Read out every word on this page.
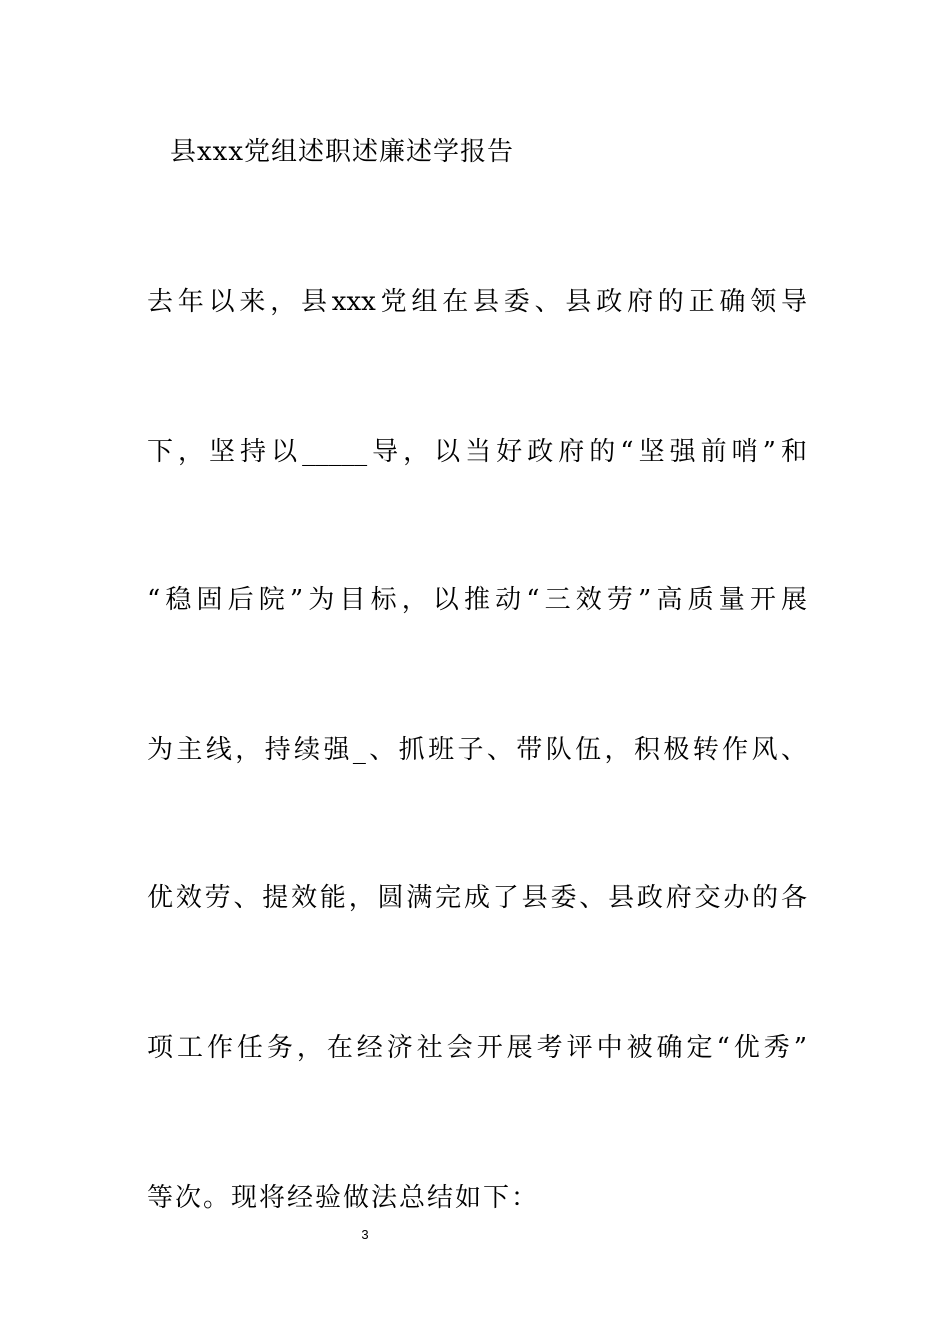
县xxx党组述职述廉述学报告
去年以来，县xxx党组在县委、县政府的正确领导
下，坚持以_____导，以当好政府的“坚强前哨”和
“稳固后院”为目标，以推动“三效劳”高质量开展
为主线，持续强_、抓班子、带队伍，积极转作风、
优效劳、提效能，圆满完成了县委、县政府交办的各
项工作任务，在经济社会开展考评中被确定“优秀”
等次。现将经验做法总结如下：
3
